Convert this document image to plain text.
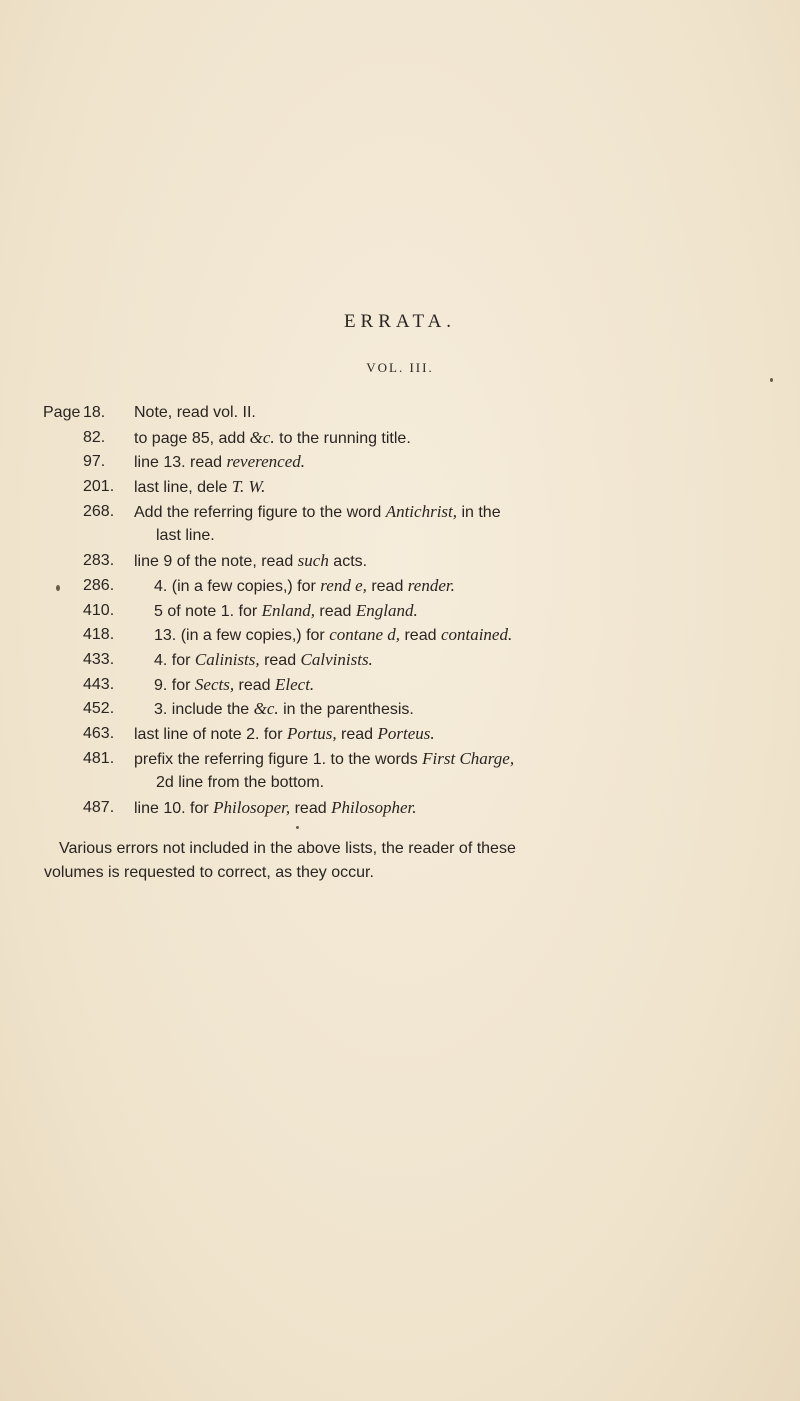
ERRATA.
VOL. III.
Page 18. Note, read vol. II.
82. to page 85, add &c. to the running title.
97. line 13. read reverenced.
201. last line, dele T. W.
268. Add the referring figure to the word Antichrist, in the
last line.
283. line 9 of the note, read such acts.
286. 4. (in a few copies,) for rend e, read render.
410. 5 of note 1. for Enland, read England.
418. 13. (in a few copies,) for contane d, read contained.
433. 4. for Calinists, read Calvinists.
443. 9. for Sects, read Elect.
452. 3. include the &c. in the parenthesis.
463. last line of note 2. for Portus, read Porteus.
481. prefix the referring figure 1. to the words First Charge,
2d line from the bottom.
487. line 10. for Philosoper, read Philosopher.
Various errors not included in the above lists, the reader of these
volumes is requested to correct, as they occur.
